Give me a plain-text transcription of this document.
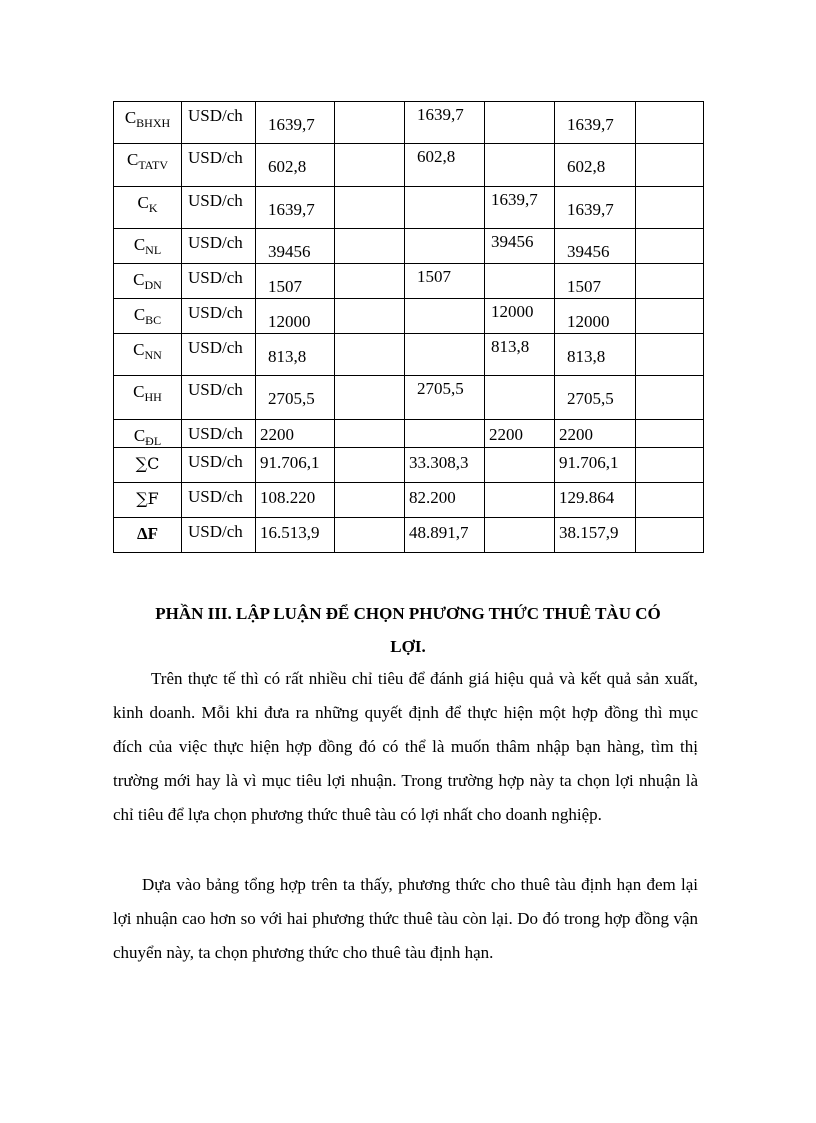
$C_{BHXH}$	USD/ch	1639,7		1639,7		1639,7	

$C_{TATV}$	USD/ch	602,8		602,8		602,8	

$C_K$	USD/ch	1639,7			1639,7	1639,7	

$C_{NL}$	USD/ch	39456			39456	39456	

$C_{DN}$	USD/ch	1507		1507		1507	

$C_{BC}$	USD/ch	12000			12000	12000	

$C_{NN}$	USD/ch	813,8			813,8	813,8	

$C_{HH}$	USD/ch	2705,5		2705,5		2705,5	

$C_{ĐL}$	USD/ch	2200			2200	2200	

∑C	USD/ch	91.706,1		33.308,3		91.706,1	

∑F	USD/ch	108.220		82.200		129.864	

ΔF	USD/ch	16.513,9		48.891,7		38.157,9	

PHẦN III. LẬP LUẬN ĐỂ CHỌN PHƯƠNG THỨC THUÊ TÀU CÓ
LỢI.

Trên thực tế thì có rất nhiều chỉ tiêu để đánh giá hiệu quả và kết quả sản xuất, kinh doanh. Mỗi khi đưa ra những quyết định để thực hiện một hợp đồng thì mục đích của việc thực hiện hợp đồng đó có thể là muốn thâm nhập bạn hàng, tìm thị trường mới hay là vì mục tiêu lợi nhuận. Trong trường hợp này ta chọn lợi nhuận là chỉ tiêu để lựa chọn phương thức thuê tàu có lợi nhất cho doanh nghiệp.

Dựa vào bảng tổng hợp trên ta thấy, phương thức cho thuê tàu định hạn đem lại lợi nhuận cao hơn so với hai phương thức thuê tàu còn lại. Do đó trong hợp đồng vận chuyển này, ta chọn phương thức cho thuê tàu định hạn.
